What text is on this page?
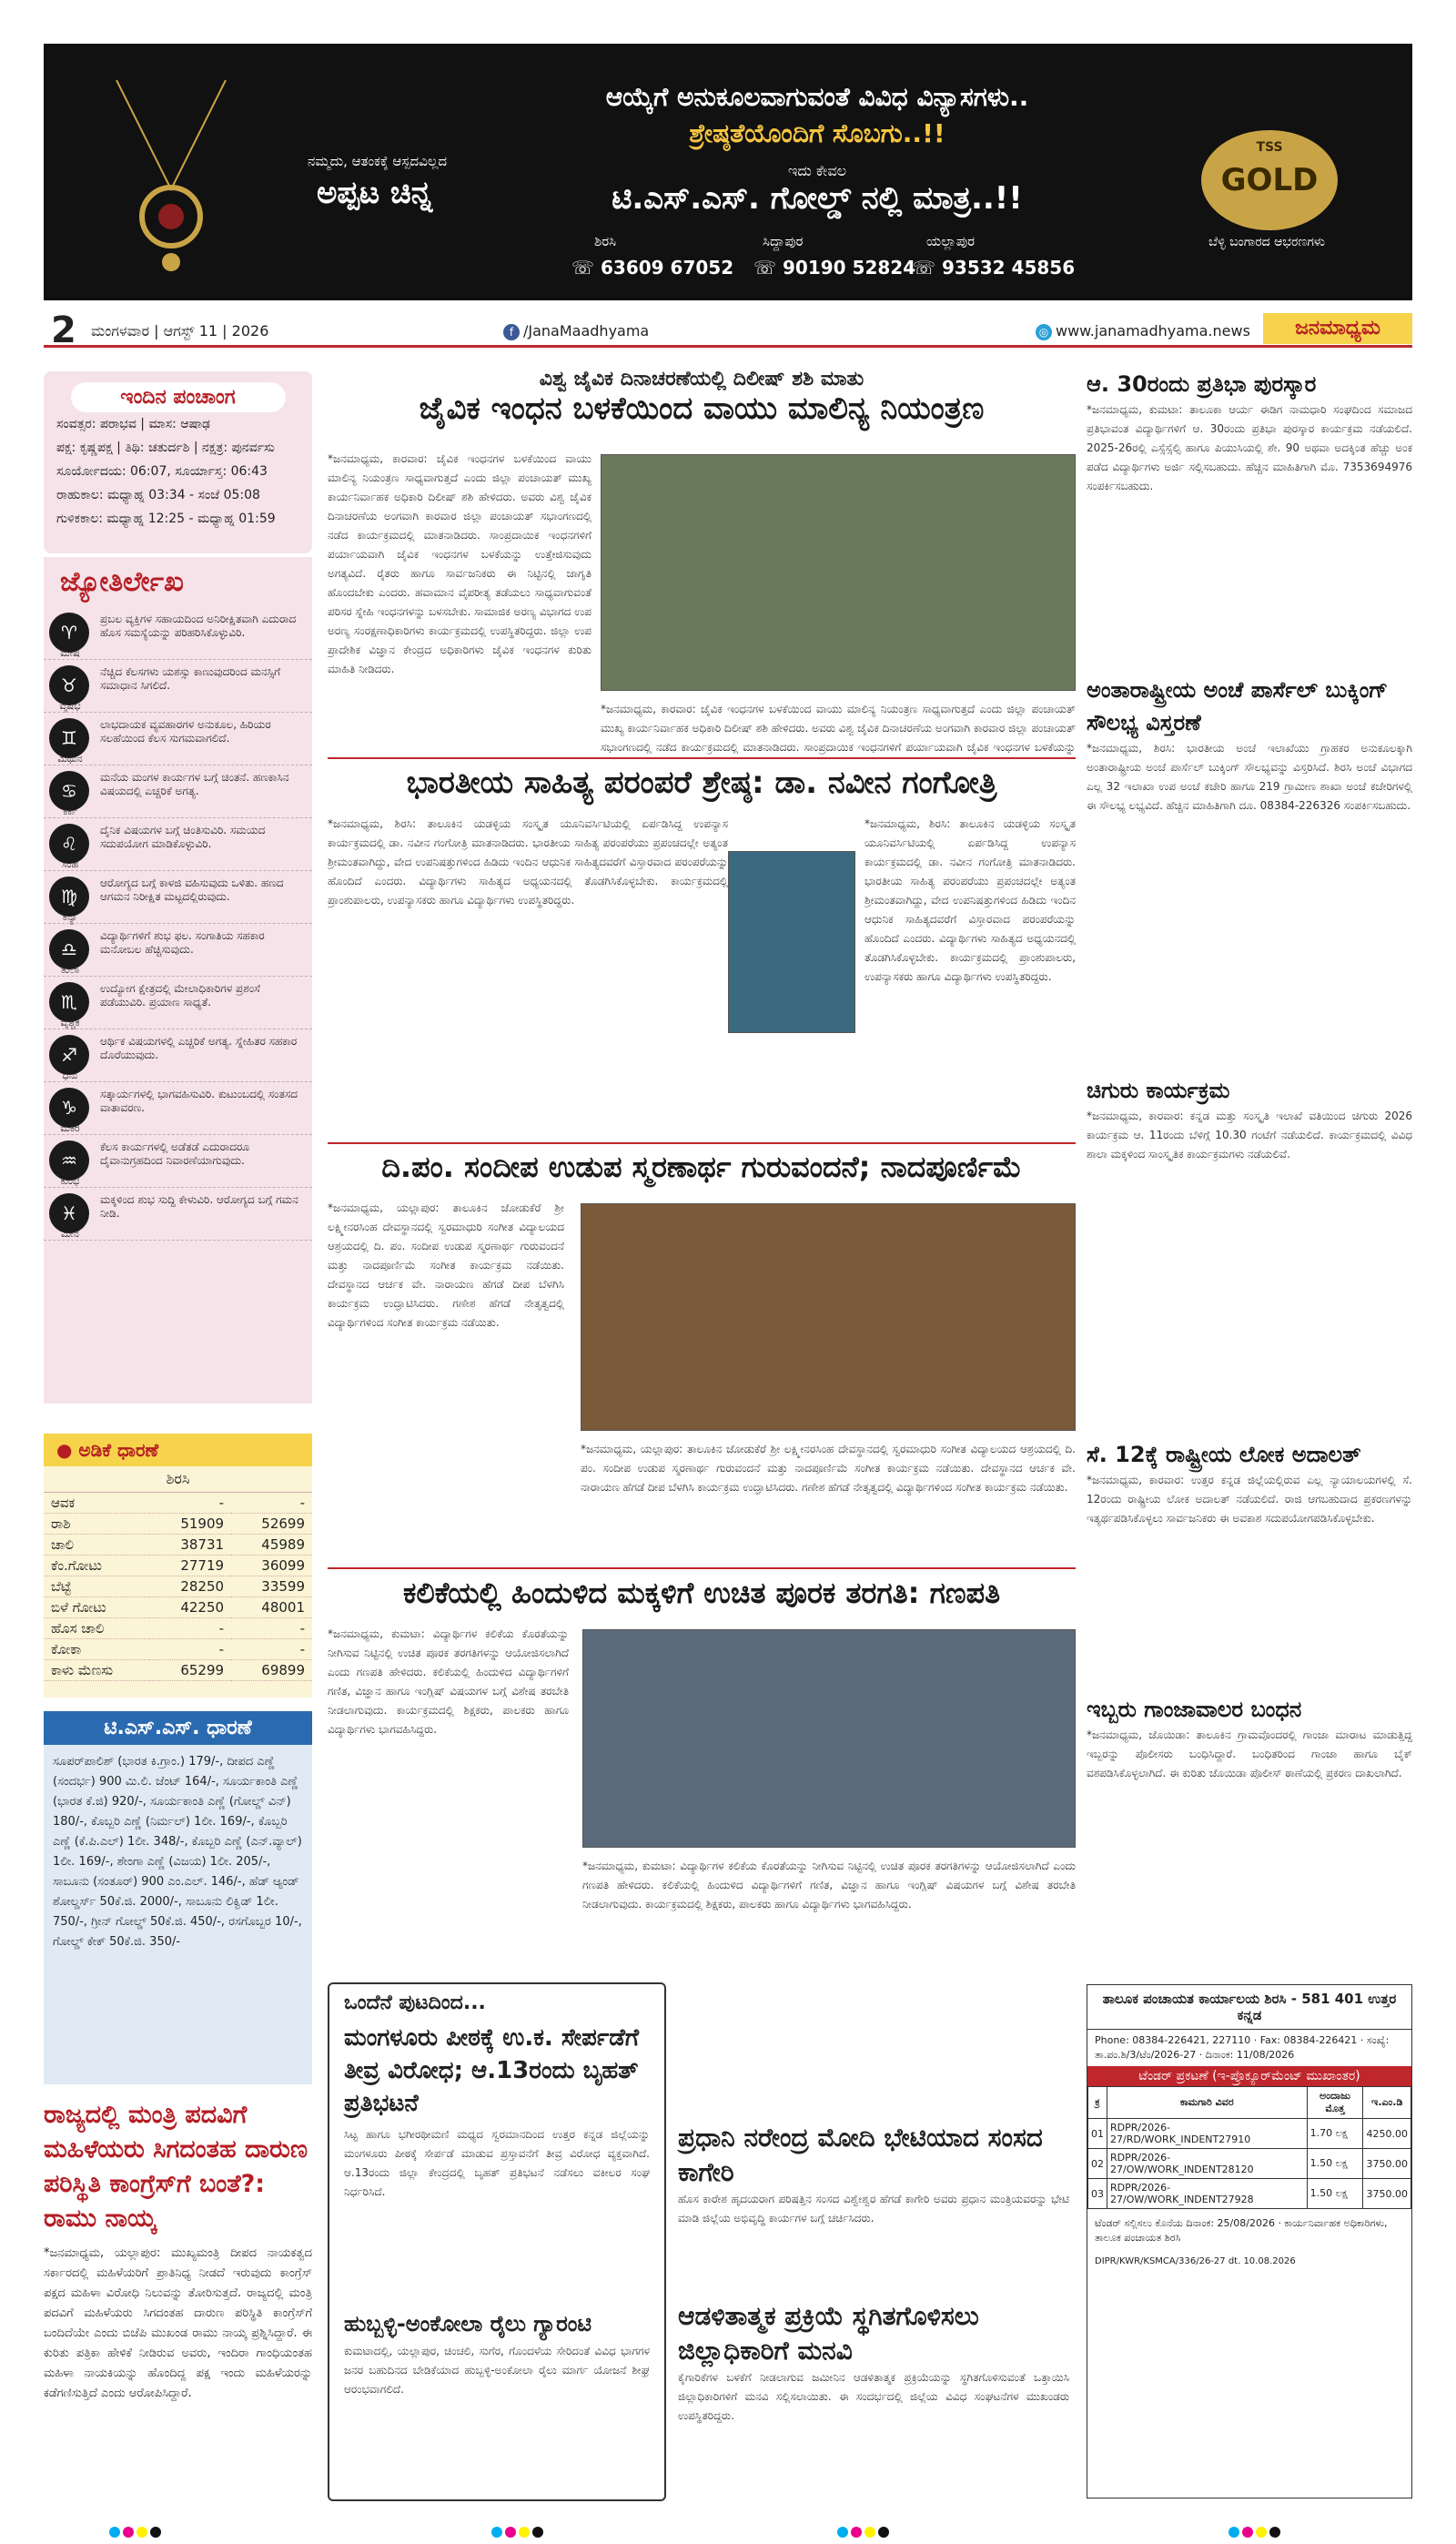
ನಮ್ಮದು, ಆತಂಕಕ್ಕೆ ಆಸ್ಪದವಿಲ್ಲದ
ಅಪ್ಪಟ ಚಿನ್ನ
ಆಯ್ಕೆಗೆ ಅನುಕೂಲವಾಗುವಂತೆ ವಿವಿಧ ವಿನ್ಯಾಸಗಳು..
ಶ್ರೇಷ್ಠತೆಯೊಂದಿಗೆ ಸೊಬಗು..!!
ಇದು ಕೇವಲ
ಟಿ.ಎಸ್.ಎಸ್. ಗೋಲ್ಡ್ ನಲ್ಲಿ ಮಾತ್ರ..!!
ಶಿರಸಿ
☏ 63609 67052
ಸಿದ್ದಾಪುರ
☏ 90190 52824
ಯಲ್ಲಾಪುರ
☏ 93532 45856
TSS
GOLD
ಬೆಳ್ಳಿ ಬಂಗಾರದ ಆಭರಣಗಳು
2 ಮಂಗಳವಾರ | ಆಗಸ್ಟ್ 11 | 2026	f /JanaMaadhyama	◎ www.janamadhyama.news	ಜನಮಾಧ್ಯಮ
ಇಂದಿನ ಪಂಚಾಂಗ

ಸಂವತ್ಸರ: ಪರಾಭವ | ಮಾಸ: ಆಷಾಢ

ಪಕ್ಷ: ಕೃಷ್ಣಪಕ್ಷ | ತಿಥಿ: ಚತುರ್ದಶಿ | ನಕ್ಷತ್ರ: ಪುನರ್ವಸು

ಸೂರ್ಯೋದಯ: 06:07, ಸೂರ್ಯಾಸ್ತ: 06:43

ರಾಹುಕಾಲ: ಮಧ್ಯಾಹ್ನ 03:34 - ಸಂಜೆ 05:08

ಗುಳಿಕಕಾಲ: ಮಧ್ಯಾಹ್ನ 12:25 - ಮಧ್ಯಾಹ್ನ 01:59

ಜ್ಯೋತಿರ್ಲೇಖ
♈
ಮೇಷ
ಪ್ರಬಲ ವ್ಯಕ್ತಿಗಳ ಸಹಾಯದಿಂದ ಅನಿರೀಕ್ಷಿತವಾಗಿ ಎದುರಾದ ಹೊಸ ಸಮಸ್ಯೆಯನ್ನು ಪರಿಹರಿಸಿಕೊಳ್ಳುವಿರಿ.
♉
ವೃಷಭ
ನೆಚ್ಚಿದ ಕೆಲಸಗಳು ಯಶಸ್ಸು ಕಾಣುವುದರಿಂದ ಮನಸ್ಸಿಗೆ ಸಮಾಧಾನ ಸಿಗಲಿದೆ.
♊
ಮಿಥುನ
ಲಾಭದಾಯಕ ವ್ಯವಹಾರಗಳ ಅನುಕೂಲ, ಹಿರಿಯರ ಸಲಹೆಯಿಂದ ಕೆಲಸ ಸುಗಮವಾಗಲಿದೆ.
♋
ಕರ್ಕ
ಮನೆಯ ಮಂಗಳ ಕಾರ್ಯಗಳ ಬಗ್ಗೆ ಚಿಂತನೆ. ಹಣಕಾಸಿನ ವಿಷಯದಲ್ಲಿ ಎಚ್ಚರಿಕೆ ಅಗತ್ಯ.
♌
ಸಿಂಹ
ದೈನಿಕ ವಿಷಯಗಳ ಬಗ್ಗೆ ಚಿಂತಿಸುವಿರಿ. ಸಮಯದ ಸದುಪಯೋಗ ಮಾಡಿಕೊಳ್ಳುವಿರಿ.
♍
ಕನ್ಯಾ
ಆರೋಗ್ಯದ ಬಗ್ಗೆ ಕಾಳಜಿ ವಹಿಸುವುದು ಒಳಿತು. ಹಣದ ಆಗಮನ ನಿರೀಕ್ಷಿತ ಮಟ್ಟದಲ್ಲಿರುವುದು.
♎
ತುಲಾ
ವಿದ್ಯಾರ್ಥಿಗಳಿಗೆ ಶುಭ ಫಲ. ಸಂಗಾತಿಯ ಸಹಕಾರ ಮನೋಬಲ ಹೆಚ್ಚಿಸುವುದು.
♏
ವೃಶ್ಚಿಕ
ಉದ್ಯೋಗ ಕ್ಷೇತ್ರದಲ್ಲಿ ಮೇಲಾಧಿಕಾರಿಗಳ ಪ್ರಶಂಸೆ ಪಡೆಯುವಿರಿ. ಪ್ರಯಾಣ ಸಾಧ್ಯತೆ.
♐
ಧನು
ಆರ್ಥಿಕ ವಿಷಯಗಳಲ್ಲಿ ಎಚ್ಚರಿಕೆ ಅಗತ್ಯ. ಸ್ನೇಹಿತರ ಸಹಕಾರ ದೊರೆಯುವುದು.
♑
ಮಕರ
ಸತ್ಕಾರ್ಯಗಳಲ್ಲಿ ಭಾಗವಹಿಸುವಿರಿ. ಕುಟುಂಬದಲ್ಲಿ ಸಂತಸದ ವಾತಾವರಣ.
♒
ಕುಂಭ
ಕೆಲಸ ಕಾರ್ಯಗಳಲ್ಲಿ ಅಡೆತಡೆ ಎದುರಾದರೂ ದೈವಾನುಗ್ರಹದಿಂದ ನಿವಾರಣೆಯಾಗುವುದು.
♓
ಮೀನ
ಮಕ್ಕಳಿಂದ ಶುಭ ಸುದ್ದಿ ಕೇಳುವಿರಿ. ಆರೋಗ್ಯದ ಬಗ್ಗೆ ಗಮನ ನೀಡಿ.
● ಅಡಿಕೆ ಧಾರಣೆ
ಶಿರಸಿ
ಆವಕ	-	-
ರಾಶಿ	51909	52699
ಚಾಲಿ	38731	45989
ಕೆಂ.ಗೋಟು	27719	36099
ಬೆಟ್ಟೆ	28250	33599
ಬಿಳೆ ಗೋಟು	42250	48001
ಹೊಸ ಚಾಲಿ	-	-
ಕೋಕಾ	-	-
ಕಾಳು ಮೆಣಸು	65299	69899
ಟಿ.ಎಸ್.ಎಸ್. ಧಾರಣೆ

ಸೂಪರ್‌ಪಾಲಿಶ್ (ಭಾರತ ಕಿ.ಗ್ರಾಂ.) 179/-, ದೀಪದ ಎಣ್ಣೆ (ಸಂದರ್ಭ) 900 ಮಿ.ಲಿ. ಜೆಂಟ್ 164/-, ಸೂರ್ಯಕಾಂತಿ ಎಣ್ಣೆ (ಭಾರತ ಕೆ.ಜಿ) 920/-, ಸೂರ್ಯಕಾಂತಿ ಎಣ್ಣೆ (ಗೋಲ್ಡ್ ವಿನ್) 180/-, ಕೊಬ್ಬರಿ ಎಣ್ಣೆ (ನಿರ್ಮಲ್) 1ಲೀ. 169/-, ಕೊಬ್ಬರಿ ಎಣ್ಣೆ (ಕೆ.ಪಿ.ಎಲ್) 1ಲೀ. 348/-, ಕೊಬ್ಬರಿ ಎಣ್ಣೆ (ಎನ್.ವ್ಯಾಲ್) 1ಲೀ. 169/-, ಶೇಂಗಾ ಎಣ್ಣೆ (ವಿಜಯ) 1ಲೀ. 205/-, ಸಾಬೂನು (ಸಂತೂರ್) 900 ಎಂ.ಎಲ್. 146/-, ಹೆಡ್ ಆ್ಯಂಡ್ ಶೋಲ್ಡರ್ಸ್ 50ಕೆ.ಜಿ. 2000/-, ಸಾಬೂನು ಲಿಕ್ವಿಡ್ 1ಲೀ. 750/-, ಗ್ರೀನ್ ಗೋಲ್ಡ್ 50ಕೆ.ಜಿ. 450/-, ರಸಗೊಬ್ಬರ 10/-, ಗೋಲ್ಡ್ ಕೇಕ್ 50ಕೆ.ಜಿ. 350/-

ರಾಜ್ಯದಲ್ಲಿ ಮಂತ್ರಿ ಪದವಿಗೆ ಮಹಿಳೆಯರು ಸಿಗದಂತಹ ದಾರುಣ ಪರಿಸ್ಥಿತಿ ಕಾಂಗ್ರೆಸ್‌ಗೆ ಬಂತೆ?: ರಾಮು ನಾಯ್ಕ

*ಜನಮಾಧ್ಯಮ, ಯಲ್ಲಾಪುರ: ಮುಖ್ಯಮಂತ್ರಿ ದೀಪದ ನಾಯಕತ್ವದ ಸರ್ಕಾರದಲ್ಲಿ ಮಹಿಳೆಯರಿಗೆ ಪ್ರಾತಿನಿಧ್ಯ ನೀಡದೆ ಇರುವುದು ಕಾಂಗ್ರೆಸ್ ಪಕ್ಷದ ಮಹಿಳಾ ವಿರೋಧಿ ನಿಲುವನ್ನು ತೋರಿಸುತ್ತದೆ. ರಾಜ್ಯದಲ್ಲಿ ಮಂತ್ರಿ ಪದವಿಗೆ ಮಹಿಳೆಯರು ಸಿಗದಂತಹ ದಾರುಣ ಪರಿಸ್ಥಿತಿ ಕಾಂಗ್ರೆಸ್‌ಗೆ ಬಂದಿದೆಯೇ ಎಂದು ಬಿಜೆಪಿ ಮುಖಂಡ ರಾಮು ನಾಯ್ಕ ಪ್ರಶ್ನಿಸಿದ್ದಾರೆ. ಈ ಕುರಿತು ಪತ್ರಿಕಾ ಹೇಳಿಕೆ ನೀಡಿರುವ ಅವರು, ಇಂದಿರಾ ಗಾಂಧಿಯಂತಹ ಮಹಿಳಾ ನಾಯಕಿಯನ್ನು ಹೊಂದಿದ್ದ ಪಕ್ಷ ಇಂದು ಮಹಿಳೆಯರನ್ನು ಕಡೆಗಣಿಸುತ್ತಿದೆ ಎಂದು ಆರೋಪಿಸಿದ್ದಾರೆ.

ವಿಶ್ವ ಜೈವಿಕ ದಿನಾಚರಣೆಯಲ್ಲಿ ದಿಲೀಷ್ ಶಶಿ ಮಾತು
ಜೈವಿಕ ಇಂಧನ ಬಳಕೆಯಿಂದ ವಾಯು ಮಾಲಿನ್ಯ ನಿಯಂತ್ರಣ
*ಜನಮಾಧ್ಯಮ, ಕಾರವಾರ: ಜೈವಿಕ ಇಂಧನಗಳ ಬಳಕೆಯಿಂದ ವಾಯು ಮಾಲಿನ್ಯ ನಿಯಂತ್ರಣ ಸಾಧ್ಯವಾಗುತ್ತದೆ ಎಂದು ಜಿಲ್ಲಾ ಪಂಚಾಯತ್ ಮುಖ್ಯ ಕಾರ್ಯನಿರ್ವಾಹಕ ಅಧಿಕಾರಿ ದಿಲೀಷ್ ಶಶಿ ಹೇಳಿದರು. ಅವರು ವಿಶ್ವ ಜೈವಿಕ ದಿನಾಚರಣೆಯ ಅಂಗವಾಗಿ ಕಾರವಾರ ಜಿಲ್ಲಾ ಪಂಚಾಯತ್ ಸಭಾಂಗಣದಲ್ಲಿ ನಡೆದ ಕಾರ್ಯಕ್ರಮದಲ್ಲಿ ಮಾತನಾಡಿದರು. ಸಾಂಪ್ರದಾಯಿಕ ಇಂಧನಗಳಿಗೆ ಪರ್ಯಾಯವಾಗಿ ಜೈವಿಕ ಇಂಧನಗಳ ಬಳಕೆಯನ್ನು ಉತ್ತೇಜಿಸುವುದು ಅಗತ್ಯವಿದೆ. ರೈತರು ಹಾಗೂ ಸಾರ್ವಜನಿಕರು ಈ ನಿಟ್ಟಿನಲ್ಲಿ ಜಾಗೃತಿ ಹೊಂದಬೇಕು ಎಂದರು. ಹವಾಮಾನ ವೈಪರೀತ್ಯ ತಡೆಯಲು ಸಾಧ್ಯವಾಗುವಂತೆ ಪರಿಸರ ಸ್ನೇಹಿ ಇಂಧನಗಳನ್ನು ಬಳಸಬೇಕು. ಸಾಮಾಜಿಕ ಅರಣ್ಯ ವಿಭಾಗದ ಉಪ ಅರಣ್ಯ ಸಂರಕ್ಷಣಾಧಿಕಾರಿಗಳು ಕಾರ್ಯಕ್ರಮದಲ್ಲಿ ಉಪಸ್ಥಿತರಿದ್ದರು. ಜಿಲ್ಲಾ ಉಪ ಪ್ರಾದೇಶಿಕ ವಿಜ್ಞಾನ ಕೇಂದ್ರದ ಅಧಿಕಾರಿಗಳು ಜೈವಿಕ ಇಂಧನಗಳ ಕುರಿತು ಮಾಹಿತಿ ನೀಡಿದರು.
*ಜನಮಾಧ್ಯಮ, ಕಾರವಾರ: ಜೈವಿಕ ಇಂಧನಗಳ ಬಳಕೆಯಿಂದ ವಾಯು ಮಾಲಿನ್ಯ ನಿಯಂತ್ರಣ ಸಾಧ್ಯವಾಗುತ್ತದೆ ಎಂದು ಜಿಲ್ಲಾ ಪಂಚಾಯತ್ ಮುಖ್ಯ ಕಾರ್ಯನಿರ್ವಾಹಕ ಅಧಿಕಾರಿ ದಿಲೀಷ್ ಶಶಿ ಹೇಳಿದರು. ಅವರು ವಿಶ್ವ ಜೈವಿಕ ದಿನಾಚರಣೆಯ ಅಂಗವಾಗಿ ಕಾರವಾರ ಜಿಲ್ಲಾ ಪಂಚಾಯತ್ ಸಭಾಂಗಣದಲ್ಲಿ ನಡೆದ ಕಾರ್ಯಕ್ರಮದಲ್ಲಿ ಮಾತನಾಡಿದರು. ಸಾಂಪ್ರದಾಯಿಕ ಇಂಧನಗಳಿಗೆ ಪರ್ಯಾಯವಾಗಿ ಜೈವಿಕ ಇಂಧನಗಳ ಬಳಕೆಯನ್ನು
ಭಾರತೀಯ ಸಾಹಿತ್ಯ ಪರಂಪರೆ ಶ್ರೇಷ್ಠ: ಡಾ. ನವೀನ ಗಂಗೋತ್ರಿ
*ಜನಮಾಧ್ಯಮ, ಶಿರಸಿ: ತಾಲೂಕಿನ ಯಡಳ್ಳಿಯ ಸಂಸ್ಕೃತ ಯೂನಿವರ್ಸಿಟಿಯಲ್ಲಿ ಏರ್ಪಡಿಸಿದ್ದ ಉಪನ್ಯಾಸ ಕಾರ್ಯಕ್ರಮದಲ್ಲಿ ಡಾ. ನವೀನ ಗಂಗೋತ್ರಿ ಮಾತನಾಡಿದರು. ಭಾರತೀಯ ಸಾಹಿತ್ಯ ಪರಂಪರೆಯು ಪ್ರಪಂಚದಲ್ಲೇ ಅತ್ಯಂತ ಶ್ರೀಮಂತವಾಗಿದ್ದು, ವೇದ ಉಪನಿಷತ್ತುಗಳಿಂದ ಹಿಡಿದು ಇಂದಿನ ಆಧುನಿಕ ಸಾಹಿತ್ಯದವರೆಗೆ ವಿಸ್ತಾರವಾದ ಪರಂಪರೆಯನ್ನು ಹೊಂದಿದೆ ಎಂದರು. ವಿದ್ಯಾರ್ಥಿಗಳು ಸಾಹಿತ್ಯದ ಅಧ್ಯಯನದಲ್ಲಿ ತೊಡಗಿಸಿಕೊಳ್ಳಬೇಕು. ಕಾರ್ಯಕ್ರಮದಲ್ಲಿ ಪ್ರಾಂಶುಪಾಲರು, ಉಪನ್ಯಾಸಕರು ಹಾಗೂ ವಿದ್ಯಾರ್ಥಿಗಳು ಉಪಸ್ಥಿತರಿದ್ದರು.
*ಜನಮಾಧ್ಯಮ, ಶಿರಸಿ: ತಾಲೂಕಿನ ಯಡಳ್ಳಿಯ ಸಂಸ್ಕೃತ ಯೂನಿವರ್ಸಿಟಿಯಲ್ಲಿ ಏರ್ಪಡಿಸಿದ್ದ ಉಪನ್ಯಾಸ ಕಾರ್ಯಕ್ರಮದಲ್ಲಿ ಡಾ. ನವೀನ ಗಂಗೋತ್ರಿ ಮಾತನಾಡಿದರು. ಭಾರತೀಯ ಸಾಹಿತ್ಯ ಪರಂಪರೆಯು ಪ್ರಪಂಚದಲ್ಲೇ ಅತ್ಯಂತ ಶ್ರೀಮಂತವಾಗಿದ್ದು, ವೇದ ಉಪನಿಷತ್ತುಗಳಿಂದ ಹಿಡಿದು ಇಂದಿನ ಆಧುನಿಕ ಸಾಹಿತ್ಯದವರೆಗೆ ವಿಸ್ತಾರವಾದ ಪರಂಪರೆಯನ್ನು ಹೊಂದಿದೆ ಎಂದರು. ವಿದ್ಯಾರ್ಥಿಗಳು ಸಾಹಿತ್ಯದ ಅಧ್ಯಯನದಲ್ಲಿ ತೊಡಗಿಸಿಕೊಳ್ಳಬೇಕು. ಕಾರ್ಯಕ್ರಮದಲ್ಲಿ ಪ್ರಾಂಶುಪಾಲರು, ಉಪನ್ಯಾಸಕರು ಹಾಗೂ ವಿದ್ಯಾರ್ಥಿಗಳು ಉಪಸ್ಥಿತರಿದ್ದರು.
ದಿ.ಪಂ. ಸಂದೀಪ ಉಡುಪ ಸ್ಮರಣಾರ್ಥ ಗುರುವಂದನೆ; ನಾದಪೂರ್ಣಿಮೆ
*ಜನಮಾಧ್ಯಮ, ಯಲ್ಲಾಪುರ: ತಾಲೂಕಿನ ಜೋಡುಕೆರೆ ಶ್ರೀ ಲಕ್ಷ್ಮೀನರಸಿಂಹ ದೇವಸ್ಥಾನದಲ್ಲಿ ಸ್ವರಮಾಧುರಿ ಸಂಗೀತ ವಿದ್ಯಾಲಯದ ಆಶ್ರಯದಲ್ಲಿ ದಿ. ಪಂ. ಸಂದೀಪ ಉಡುಪ ಸ್ಮರಣಾರ್ಥ ಗುರುವಂದನೆ ಮತ್ತು ನಾದಪೂರ್ಣಿಮೆ ಸಂಗೀತ ಕಾರ್ಯಕ್ರಮ ನಡೆಯಿತು. ದೇವಸ್ಥಾನದ ಆರ್ಚಕ ವೇ. ನಾರಾಯಣ ಹೆಗಡೆ ದೀಪ ಬೆಳಗಿಸಿ ಕಾರ್ಯಕ್ರಮ ಉದ್ಘಾಟಿಸಿದರು. ಗಣೇಶ ಹೆಗಡೆ ನೇತೃತ್ವದಲ್ಲಿ ವಿದ್ಯಾರ್ಥಿಗಳಿಂದ ಸಂಗೀತ ಕಾರ್ಯಕ್ರಮ ನಡೆಯಿತು.
*ಜನಮಾಧ್ಯಮ, ಯಲ್ಲಾಪುರ: ತಾಲೂಕಿನ ಜೋಡುಕೆರೆ ಶ್ರೀ ಲಕ್ಷ್ಮೀನರಸಿಂಹ ದೇವಸ್ಥಾನದಲ್ಲಿ ಸ್ವರಮಾಧುರಿ ಸಂಗೀತ ವಿದ್ಯಾಲಯದ ಆಶ್ರಯದಲ್ಲಿ ದಿ. ಪಂ. ಸಂದೀಪ ಉಡುಪ ಸ್ಮರಣಾರ್ಥ ಗುರುವಂದನೆ ಮತ್ತು ನಾದಪೂರ್ಣಿಮೆ ಸಂಗೀತ ಕಾರ್ಯಕ್ರಮ ನಡೆಯಿತು. ದೇವಸ್ಥಾನದ ಆರ್ಚಕ ವೇ. ನಾರಾಯಣ ಹೆಗಡೆ ದೀಪ ಬೆಳಗಿಸಿ ಕಾರ್ಯಕ್ರಮ ಉದ್ಘಾಟಿಸಿದರು. ಗಣೇಶ ಹೆಗಡೆ ನೇತೃತ್ವದಲ್ಲಿ ವಿದ್ಯಾರ್ಥಿಗಳಿಂದ ಸಂಗೀತ ಕಾರ್ಯಕ್ರಮ ನಡೆಯಿತು.
ಕಲಿಕೆಯಲ್ಲಿ ಹಿಂದುಳಿದ ಮಕ್ಕಳಿಗೆ ಉಚಿತ ಪೂರಕ ತರಗತಿ: ಗಣಪತಿ
*ಜನಮಾಧ್ಯಮ, ಕುಮಟಾ: ವಿದ್ಯಾರ್ಥಿಗಳ ಕಲಿಕೆಯ ಕೊರತೆಯನ್ನು ನೀಗಿಸುವ ನಿಟ್ಟಿನಲ್ಲಿ ಉಚಿತ ಪೂರಕ ತರಗತಿಗಳನ್ನು ಆಯೋಜಿಸಲಾಗಿದೆ ಎಂದು ಗಣಪತಿ ಹೇಳಿದರು. ಕಲಿಕೆಯಲ್ಲಿ ಹಿಂದುಳಿದ ವಿದ್ಯಾರ್ಥಿಗಳಿಗೆ ಗಣಿತ, ವಿಜ್ಞಾನ ಹಾಗೂ ಇಂಗ್ಲಿಷ್ ವಿಷಯಗಳ ಬಗ್ಗೆ ವಿಶೇಷ ತರಬೇತಿ ನೀಡಲಾಗುವುದು. ಕಾರ್ಯಕ್ರಮದಲ್ಲಿ ಶಿಕ್ಷಕರು, ಪಾಲಕರು ಹಾಗೂ ವಿದ್ಯಾರ್ಥಿಗಳು ಭಾಗವಹಿಸಿದ್ದರು.
*ಜನಮಾಧ್ಯಮ, ಕುಮಟಾ: ವಿದ್ಯಾರ್ಥಿಗಳ ಕಲಿಕೆಯ ಕೊರತೆಯನ್ನು ನೀಗಿಸುವ ನಿಟ್ಟಿನಲ್ಲಿ ಉಚಿತ ಪೂರಕ ತರಗತಿಗಳನ್ನು ಆಯೋಜಿಸಲಾಗಿದೆ ಎಂದು ಗಣಪತಿ ಹೇಳಿದರು. ಕಲಿಕೆಯಲ್ಲಿ ಹಿಂದುಳಿದ ವಿದ್ಯಾರ್ಥಿಗಳಿಗೆ ಗಣಿತ, ವಿಜ್ಞಾನ ಹಾಗೂ ಇಂಗ್ಲಿಷ್ ವಿಷಯಗಳ ಬಗ್ಗೆ ವಿಶೇಷ ತರಬೇತಿ ನೀಡಲಾಗುವುದು. ಕಾರ್ಯಕ್ರಮದಲ್ಲಿ ಶಿಕ್ಷಕರು, ಪಾಲಕರು ಹಾಗೂ ವಿದ್ಯಾರ್ಥಿಗಳು ಭಾಗವಹಿಸಿದ್ದರು.
ಒಂದೆನೆ ಪುಟದಿಂದ...
ಮಂಗಳೂರು ಪೀಠಕ್ಕೆ ಉ.ಕ. ಸೇರ್ಪಡೆಗೆ ತೀವ್ರ ವಿರೋಧ; ಆ.13ರಂದು ಬೃಹತ್ ಪ್ರತಿಭಟನೆ
ಸಿಟ್ಟ ಹಾಗೂ ಭಗೀರಥೀಮಣಿ ಮಧ್ಯದ ಸ್ವರಮಾನದಿಂದ ಉತ್ತರ ಕನ್ನಡ ಜಿಲ್ಲೆಯನ್ನು ಮಂಗಳೂರು ಪೀಠಕ್ಕೆ ಸೇರ್ಪಡೆ ಮಾಡುವ ಪ್ರಸ್ತಾವನೆಗೆ ತೀವ್ರ ವಿರೋಧ ವ್ಯಕ್ತವಾಗಿದೆ. ಆ.13ರಂದು ಜಿಲ್ಲಾ ಕೇಂದ್ರದಲ್ಲಿ ಬೃಹತ್ ಪ್ರತಿಭಟನೆ ನಡೆಸಲು ವಕೀಲರ ಸಂಘ ನಿರ್ಧರಿಸಿದೆ.
ಹುಬ್ಬಳ್ಳಿ-ಅಂಕೋಲಾ ರೈಲು ಗ್ಯಾರಂಟಿ
ಕುಮಟಾದಲ್ಲಿ, ಯಲ್ಲಾಪುರ, ಚಿಂಚಲಿ, ಸುಗೆರ, ಗೊಂದಳೆಯ ಸೇರಿದಂತೆ ವಿವಿಧ ಭಾಗಗಳ ಜನರ ಬಹುದಿನದ ಬೇಡಿಕೆಯಾದ ಹುಬ್ಬಳ್ಳಿ-ಅಂಕೋಲಾ ರೈಲು ಮಾರ್ಗ ಯೋಜನೆ ಶೀಘ್ರ ಆರಂಭವಾಗಲಿದೆ.
ಪ್ರಧಾನಿ ನರೇಂದ್ರ ಮೋದಿ ಭೇಟಿಯಾದ ಸಂಸದ ಕಾಗೇರಿ
ಹೊಸ ಕಾರೇಶ ಹೃದಯರಾಗ ಪರಿಷತ್ತಿನ ಸಂಸದ ವಿಶ್ವೇಶ್ವರ ಹೆಗಡೆ ಕಾಗೇರಿ ಅವರು ಪ್ರಧಾನ ಮಂತ್ರಿಯವರನ್ನು ಭೇಟಿ ಮಾಡಿ ಜಿಲ್ಲೆಯ ಅಭಿವೃದ್ಧಿ ಕಾರ್ಯಗಳ ಬಗ್ಗೆ ಚರ್ಚಿಸಿದರು.
ಆಡಳಿತಾತ್ಮಕ ಪ್ರಕ್ರಿಯೆ ಸ್ಥಗಿತಗೊಳಿಸಲು ಜಿಲ್ಲಾಧಿಕಾರಿಗೆ ಮನವಿ
ಕೈಗಾರಿಕೆಗಳ ಬಳಕೆಗೆ ನೀಡಲಾಗುವ ಜಮೀನಿನ ಆಡಳಿತಾತ್ಮಕ ಪ್ರಕ್ರಿಯೆಯನ್ನು ಸ್ಥಗಿತಗೊಳಿಸುವಂತೆ ಒತ್ತಾಯಿಸಿ ಜಿಲ್ಲಾಧಿಕಾರಿಗಳಿಗೆ ಮನವಿ ಸಲ್ಲಿಸಲಾಯಿತು. ಈ ಸಂದರ್ಭದಲ್ಲಿ ಜಿಲ್ಲೆಯ ವಿವಿಧ ಸಂಘಟನೆಗಳ ಮುಖಂಡರು ಉಪಸ್ಥಿತರಿದ್ದರು.
ಆ. 30ರಂದು ಪ್ರತಿಭಾ ಪುರಸ್ಕಾರ
*ಜನಮಾಧ್ಯಮ, ಕುಮಟಾ: ತಾಲೂಕಾ ಆರ್ಯ ಈಡಿಗ ನಾಮಧಾರಿ ಸಂಘದಿಂದ ಸಮಾಜದ ಪ್ರತಿಭಾವಂತ ವಿದ್ಯಾರ್ಥಿಗಳಿಗೆ ಆ. 30ರಂದು ಪ್ರತಿಭಾ ಪುರಸ್ಕಾರ ಕಾರ್ಯಕ್ರಮ ನಡೆಯಲಿದೆ. 2025-26ರಲ್ಲಿ ಎಸ್ಸೆಸ್ಸೆಲ್ಸಿ ಹಾಗೂ ಪಿಯುಸಿಯಲ್ಲಿ ಶೇ. 90 ಅಥವಾ ಅದಕ್ಕಿಂತ ಹೆಚ್ಚು ಅಂಕ ಪಡೆದ ವಿದ್ಯಾರ್ಥಿಗಳು ಅರ್ಜಿ ಸಲ್ಲಿಸಬಹುದು. ಹೆಚ್ಚಿನ ಮಾಹಿತಿಗಾಗಿ ಮೊ. 7353694976 ಸಂಪರ್ಕಿಸಬಹುದು.
ಅಂತಾರಾಷ್ಟ್ರೀಯ ಅಂಚೆ ಪಾರ್ಸೆಲ್ ಬುಕ್ಕಿಂಗ್ ಸೌಲಭ್ಯ ವಿಸ್ತರಣೆ
*ಜನಮಾಧ್ಯಮ, ಶಿರಸಿ: ಭಾರತೀಯ ಅಂಚೆ ಇಲಾಖೆಯು ಗ್ರಾಹಕರ ಅನುಕೂಲಕ್ಕಾಗಿ ಅಂತಾರಾಷ್ಟ್ರೀಯ ಅಂಚೆ ಪಾರ್ಸೆಲ್ ಬುಕ್ಕಿಂಗ್ ಸೌಲಭ್ಯವನ್ನು ವಿಸ್ತರಿಸಿದೆ. ಶಿರಸಿ ಅಂಚೆ ವಿಭಾಗದ ಎಲ್ಲ 32 ಇಲಾಖಾ ಉಪ ಅಂಚೆ ಕಚೇರಿ ಹಾಗೂ 219 ಗ್ರಾಮೀಣ ಶಾಖಾ ಅಂಚೆ ಕಚೇರಿಗಳಲ್ಲಿ ಈ ಸೌಲಭ್ಯ ಲಭ್ಯವಿದೆ. ಹೆಚ್ಚಿನ ಮಾಹಿತಿಗಾಗಿ ದೂ. 08384-226326 ಸಂಪರ್ಕಿಸಬಹುದು.
ಚಿಗುರು ಕಾರ್ಯಕ್ರಮ
*ಜನಮಾಧ್ಯಮ, ಕಾರವಾರ: ಕನ್ನಡ ಮತ್ತು ಸಂಸ್ಕೃತಿ ಇಲಾಖೆ ವತಿಯಿಂದ ಚಿಗುರು 2026 ಕಾರ್ಯಕ್ರಮ ಆ. 11ರಂದು ಬೆಳಿಗ್ಗೆ 10.30 ಗಂಟೆಗೆ ನಡೆಯಲಿದೆ. ಕಾರ್ಯಕ್ರಮದಲ್ಲಿ ವಿವಿಧ ಶಾಲಾ ಮಕ್ಕಳಿಂದ ಸಾಂಸ್ಕೃತಿಕ ಕಾರ್ಯಕ್ರಮಗಳು ನಡೆಯಲಿವೆ.
ಸೆ. 12ಕ್ಕೆ ರಾಷ್ಟ್ರೀಯ ಲೋಕ ಅದಾಲತ್
*ಜನಮಾಧ್ಯಮ, ಕಾರವಾರ: ಉತ್ತರ ಕನ್ನಡ ಜಿಲ್ಲೆಯಲ್ಲಿರುವ ಎಲ್ಲ ನ್ಯಾಯಾಲಯಗಳಲ್ಲಿ ಸೆ. 12ರಂದು ರಾಷ್ಟ್ರೀಯ ಲೋಕ ಅದಾಲತ್ ನಡೆಯಲಿದೆ. ರಾಜಿ ಆಗಬಹುದಾದ ಪ್ರಕರಣಗಳನ್ನು ಇತ್ಯರ್ಥಪಡಿಸಿಕೊಳ್ಳಲು ಸಾರ್ವಜನಿಕರು ಈ ಅವಕಾಶ ಸದುಪಯೋಗಪಡಿಸಿಕೊಳ್ಳಬೇಕು.
ಇಬ್ಬರು ಗಾಂಜಾವಾಲರ ಬಂಧನ
*ಜನಮಾಧ್ಯಮ, ಜೊಯಿಡಾ: ತಾಲೂಕಿನ ಗ್ರಾಮವೊಂದರಲ್ಲಿ ಗಾಂಜಾ ಮಾರಾಟ ಮಾಡುತ್ತಿದ್ದ ಇಬ್ಬರನ್ನು ಪೊಲೀಸರು ಬಂಧಿಸಿದ್ದಾರೆ. ಬಂಧಿತರಿಂದ ಗಾಂಜಾ ಹಾಗೂ ಬೈಕ್ ವಶಪಡಿಸಿಕೊಳ್ಳಲಾಗಿದೆ. ಈ ಕುರಿತು ಜೊಯಿಡಾ ಪೊಲೀಸ್ ಠಾಣೆಯಲ್ಲಿ ಪ್ರಕರಣ ದಾಖಲಾಗಿದೆ.
ತಾಲೂಕ ಪಂಚಾಯತ ಕಾರ್ಯಾಲಯ ಶಿರಸಿ - 581 401 ಉತ್ತರ ಕನ್ನಡ
Phone: 08384-226421, 227110 · Fax: 08384-226421 · ಸಂಖ್ಯೆ: ತಾ.ಪಂ.ಶಿ/3/ಟೆಂ/2026-27 · ದಿನಾಂಕ: 11/08/2026
ಟೆಂಡರ್ ಪ್ರಕಟಣೆ (ಇ-ಪ್ರೊಕ್ಯೂರ್‌ಮೆಂಟ್ ಮುಖಾಂತರ)
ಕ್ರ	ಕಾಮಗಾರಿ ವಿವರ	ಅಂದಾಜು ಮೊತ್ತ	ಇ.ಎಂ.ಡಿ
01	RDPR/2026-27/RD/WORK_INDENT27910	1.70 ಲಕ್ಷ	4250.00
02	RDPR/2026-27/OW/WORK_INDENT28120	1.50 ಲಕ್ಷ	3750.00
03	RDPR/2026-27/OW/WORK_INDENT27928	1.50 ಲಕ್ಷ	3750.00
ಟೆಂಡರ್ ಸಲ್ಲಿಸಲು ಕೊನೆಯ ದಿನಾಂಕ: 25/08/2026 · ಕಾರ್ಯನಿರ್ವಾಹಕ ಅಧಿಕಾರಿಗಳು, ತಾಲೂಕ ಪಂಚಾಯತ ಶಿರಸಿ
DIPR/KWR/KSMCA/336/26-27 dt. 10.08.2026
